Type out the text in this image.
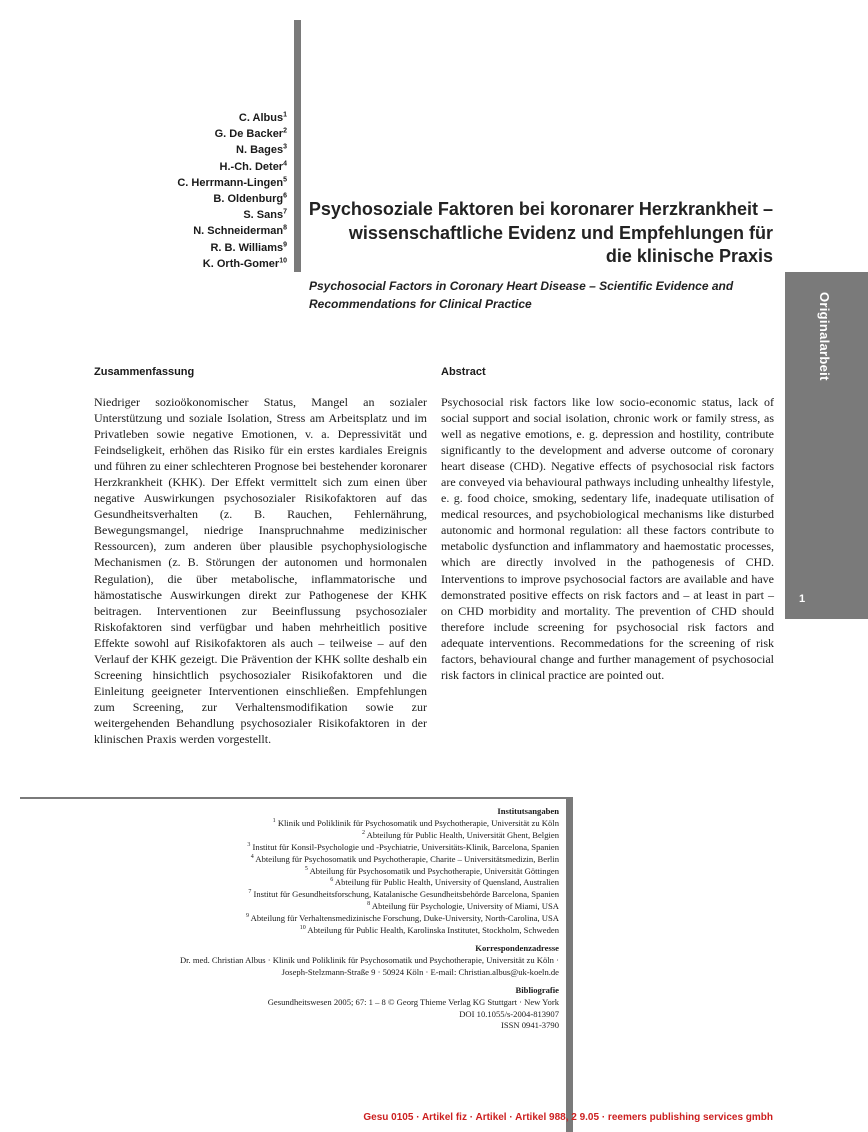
Originalarbeit
1
C. Albus$^1$
G. De Backer$^2$
N. Bages$^3$
H.-Ch. Deter$^4$
C. Herrmann-Lingen$^5$
B. Oldenburg$^6$
S. Sans$^7$
N. Schneiderman$^8$
R. B. Williams$^9$
K. Orth-Gomer$^{10}$
Psychosoziale Faktoren bei koronarer Herzkrankheit –
wissenschaftliche Evidenz und Empfehlungen für
die klinische Praxis
Psychosocial Factors in Coronary Heart Disease – Scientific Evidence and
Recommendations for Clinical Practice
Zusammenfassung

Niedriger sozioökonomischer Status, Mangel an sozialer Unterstützung und soziale Isolation, Stress am Arbeitsplatz und im Privatleben sowie negative Emotionen, v. a. Depressivität und Feindseligkeit, erhöhen das Risiko für ein erstes kardiales Ereignis und führen zu einer schlechteren Prognose bei bestehender koronarer Herzkrankheit (KHK). Der Effekt vermittelt sich zum einen über negative Auswirkungen psychosozialer Risikofaktoren auf das Gesundheitsverhalten (z. B. Rauchen, Fehlernährung, Bewegungsmangel, niedrige Inanspruchnahme medizinischer Ressourcen), zum anderen über plausible psychophysiologische Mechanismen (z. B. Störungen der autonomen und hormonalen Regulation), die über metabolische, inflammatorische und hämostatische Auswirkungen direkt zur Pathogenese der KHK beitragen. Interventionen zur Beeinflussung psychosozialer Riskofaktoren sind verfügbar und haben mehrheitlich positive Effekte sowohl auf Risikofaktoren als auch – teilweise – auf den Verlauf der KHK gezeigt. Die Prävention der KHK sollte deshalb ein Screening hinsichtlich psychosozialer Risikofaktoren und die Einleitung geeigneter Interventionen einschließen. Empfehlungen zum Screening, zur Verhaltensmodifikation sowie zur weitergehenden Behandlung psychosozialer Risikofaktoren in der klinischen Praxis werden vorgestellt.

Abstract

Psychosocial risk factors like low socio-economic status, lack of social support and social isolation, chronic work or family stress, as well as negative emotions, e. g. depression and hostility, contribute significantly to the development and adverse outcome of coronary heart disease (CHD). Negative effects of psychosocial risk factors are conveyed via behavioural pathways including unhealthy lifestyle, e. g. food choice, smoking, sedentary life, inadequate utilisation of medical resources, and psychobiological mechanisms like disturbed autonomic and hormonal regulation: all these factors contribute to metabolic dysfunction and inflammatory and haemostatic processes, which are directly involved in the pathogenesis of CHD. Interventions to improve psychosocial factors are available and have demonstrated positive effects on risk factors and – at least in part – on CHD morbidity and mortality. The prevention of CHD should therefore include screening for psychosocial risk factors and adequate interventions. Recommedations for the screening of risk factors, behavioural change and further management of psychosocial risk factors in clinical practice are pointed out.

Institutsangaben
$^1$ Klinik und Poliklinik für Psychosomatik und Psychotherapie, Universität zu Köln
$^2$ Abteilung für Public Health, Universität Ghent, Belgien
$^3$ Institut für Konsil-Psychologie und -Psychiatrie, Universitäts-Klinik, Barcelona, Spanien
$^4$ Abteilung für Psychosomatik und Psychotherapie, Charite – Universitätsmedizin, Berlin
$^5$ Abteilung für Psychosomatik und Psychotherapie, Universität Göttingen
$^6$ Abteilung für Public Health, University of Quensland, Australien
$^7$ Institut für Gesundheitsforschung, Katalanische Gesundheitsbehörde Barcelona, Spanien
$^8$ Abteilung für Psychologie, University of Miami, USA
$^9$ Abteilung für Verhaltensmedizinische Forschung, Duke-University, North-Carolina, USA
$^{10}$ Abteilung für Public Health, Karolinska Institutet, Stockholm, Schweden
Korrespondenzadresse
Dr. med. Christian Albus · Klinik und Poliklinik für Psychosomatik und Psychotherapie, Universität zu Köln ·
Joseph-Stelzmann-Straße 9 · 50924 Köln · E-mail: Christian.albus@uk-koeln.de
Bibliografie
Gesundheitswesen 2005; 67: 1 – 8 © Georg Thieme Verlag KG Stuttgart · New York
DOI 10.1055/s-2004-813907
ISSN 0941-3790
Gesu 0105 · Artikel fiz · Artikel · Artikel 988, 2 9.05 · reemers publishing services gmbh
